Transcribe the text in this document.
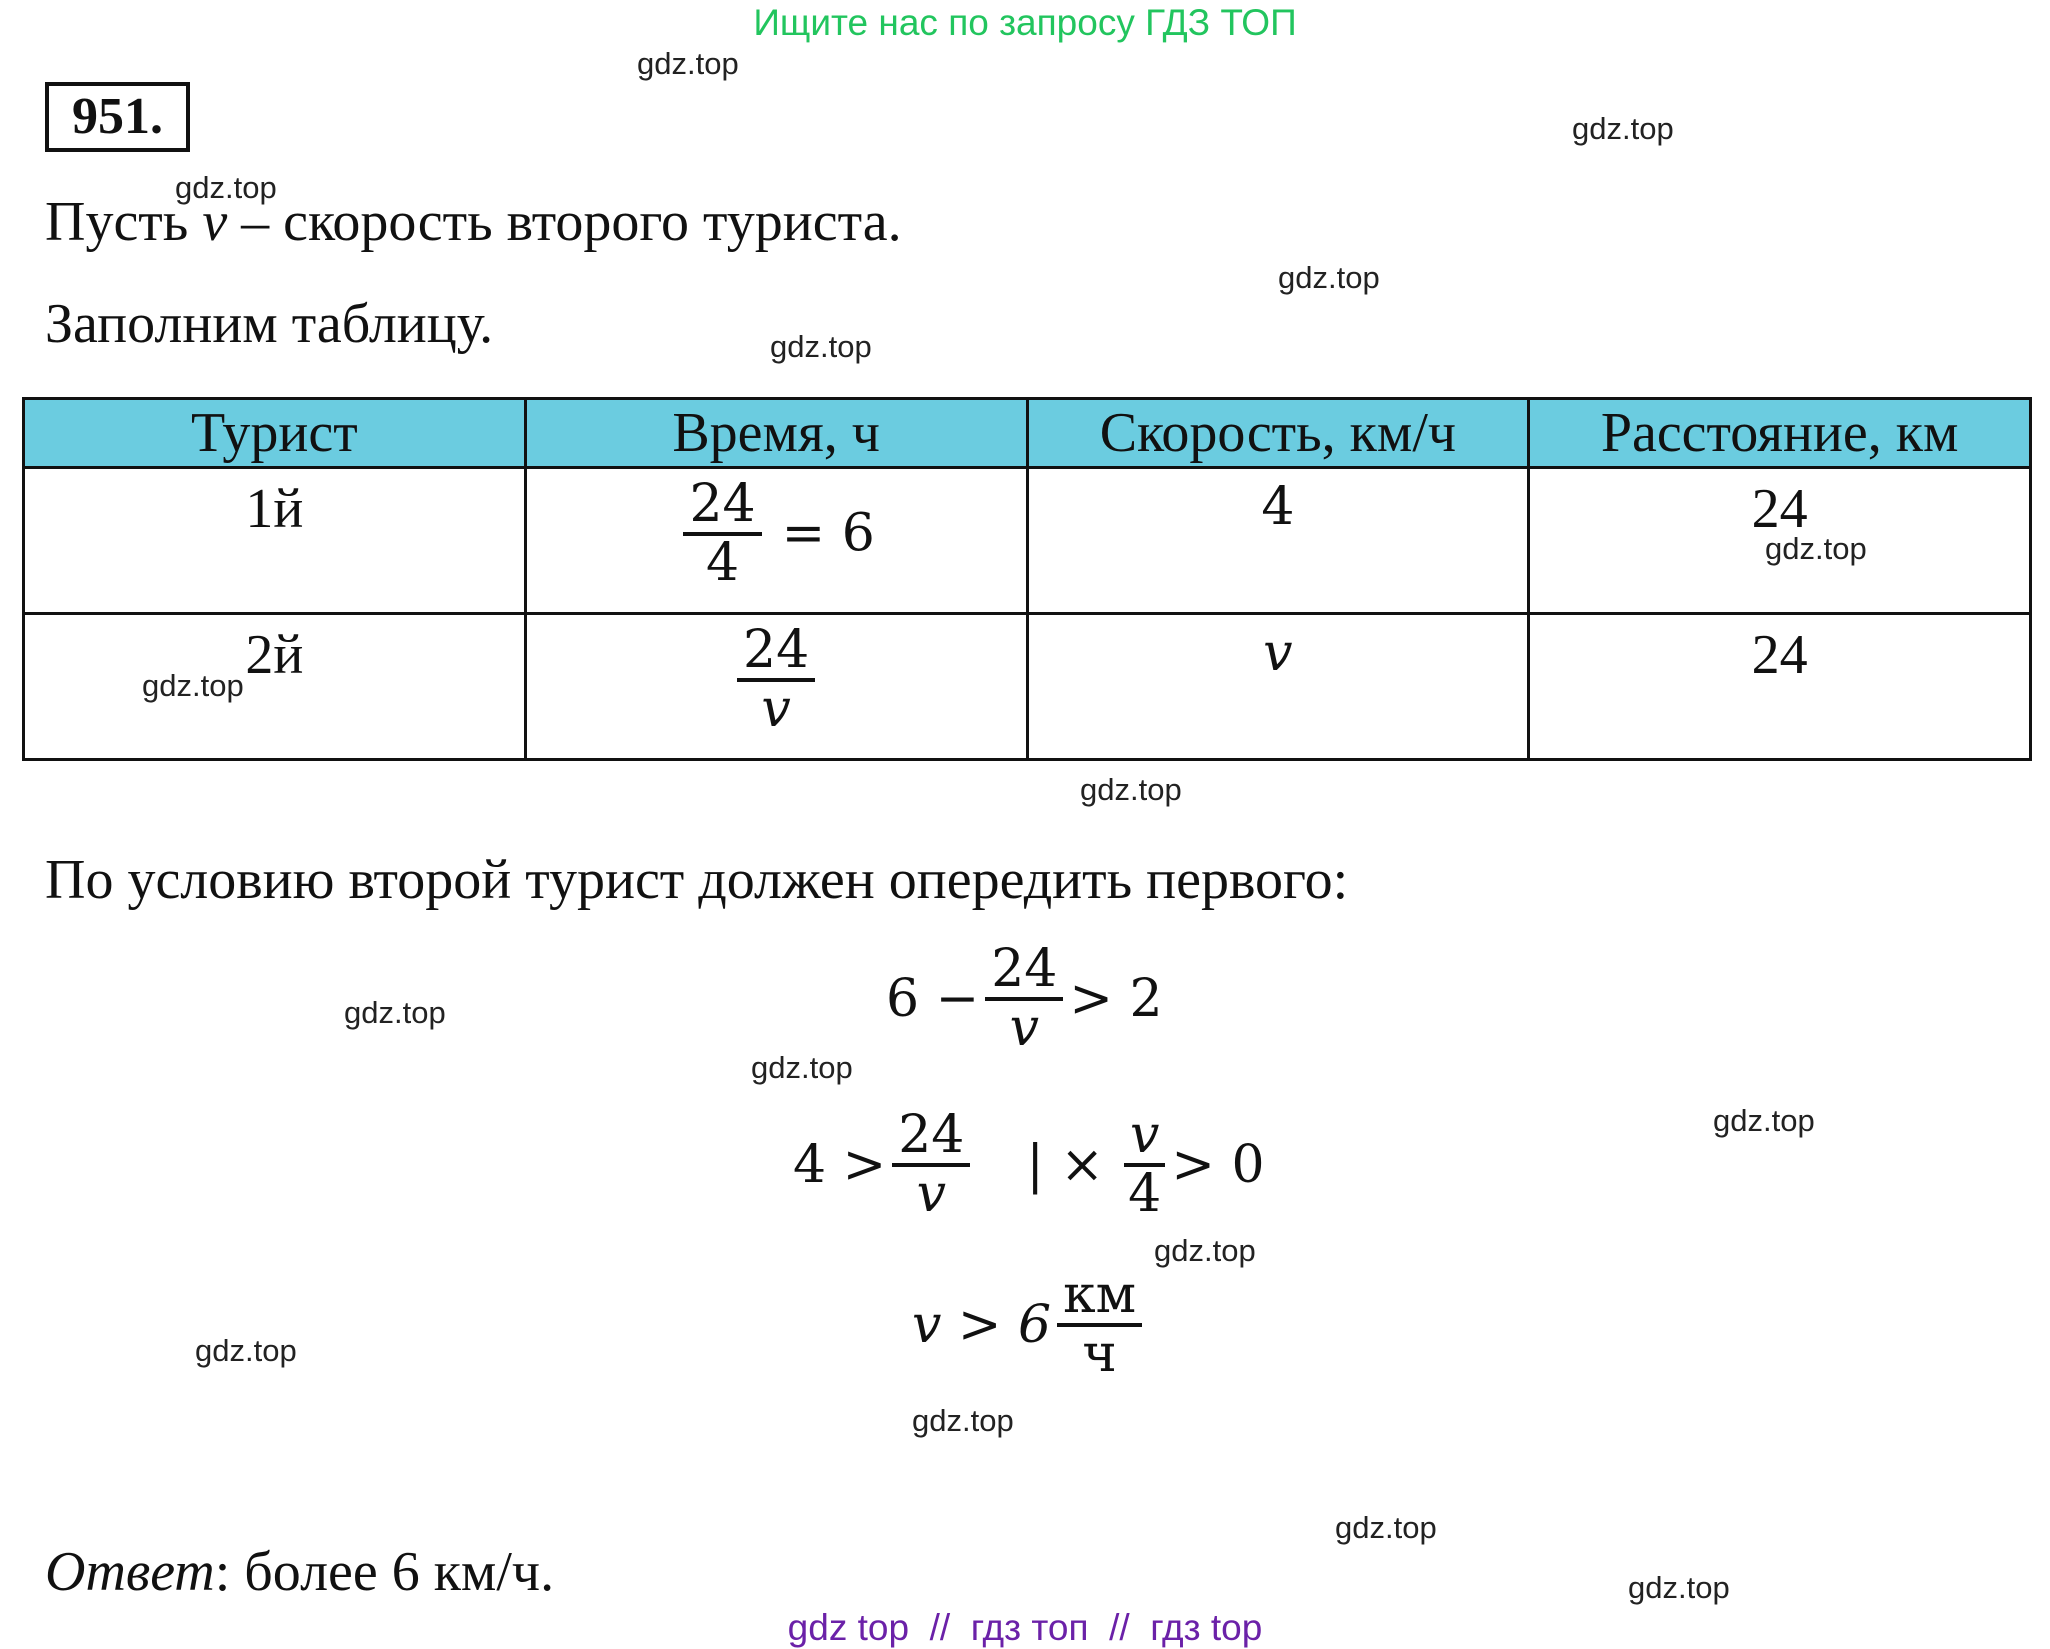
Ищите нас по запросу ГДЗ ТОП
951.
Пусть v – скорость второго туриста.
Заполним таблицу.
Турист	Время, ч	Скорость, км/ч	Расстояние, км
1й	$\frac{24}{4} = 6$	4	24
2й	$\frac{24}{v}$	v	24
По условию второй турист должен опередить первого:
$6 - \frac{24}{v} > 2$
$4 > \frac{24}{v}$ | × $\frac{v}{4} > 0$
$v > 6 \frac{км}{ч}$
Ответ: более 6 км/ч.
gdz.top
gdz.top
gdz.top
gdz.top
gdz.top
gdz.top
gdz.top
gdz.top
gdz.top
gdz.top
gdz.top
gdz.top
gdz.top
gdz.top
gdz.top
gdz.top
gdz top  //  гдз топ  //  гдз top
